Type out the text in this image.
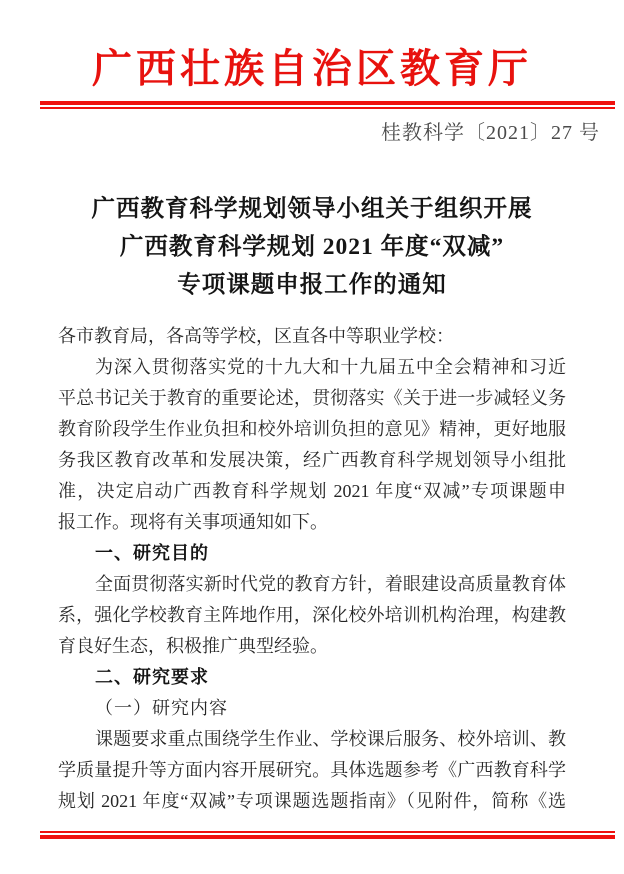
广西壮族自治区教育厅
桂教科学〔2021〕27 号
广西教育科学规划领导小组关于组织开展
广西教育科学规划 2021 年度“双减”
专项课题申报工作的通知
各市教育局，各高等学校，区直各中等职业学校：
为深入贯彻落实党的十九大和十九届五中全会精神和习近
平总书记关于教育的重要论述，贯彻落实《关于进一步减轻义务
教育阶段学生作业负担和校外培训负担的意见》精神，更好地服
务我区教育改革和发展决策，经广西教育科学规划领导小组批
准，决定启动广西教育科学规划 2021 年度“双减”专项课题申
报工作。现将有关事项通知如下。
一、研究目的
全面贯彻落实新时代党的教育方针，着眼建设高质量教育体
系，强化学校教育主阵地作用，深化校外培训机构治理，构建教
育良好生态，积极推广典型经验。
二、研究要求
（一）研究内容
课题要求重点围绕学生作业、学校课后服务、校外培训、教
学质量提升等方面内容开展研究。具体选题参考《广西教育科学
规划 2021 年度“双减”专项课题选题指南》（见附件，简称《选
